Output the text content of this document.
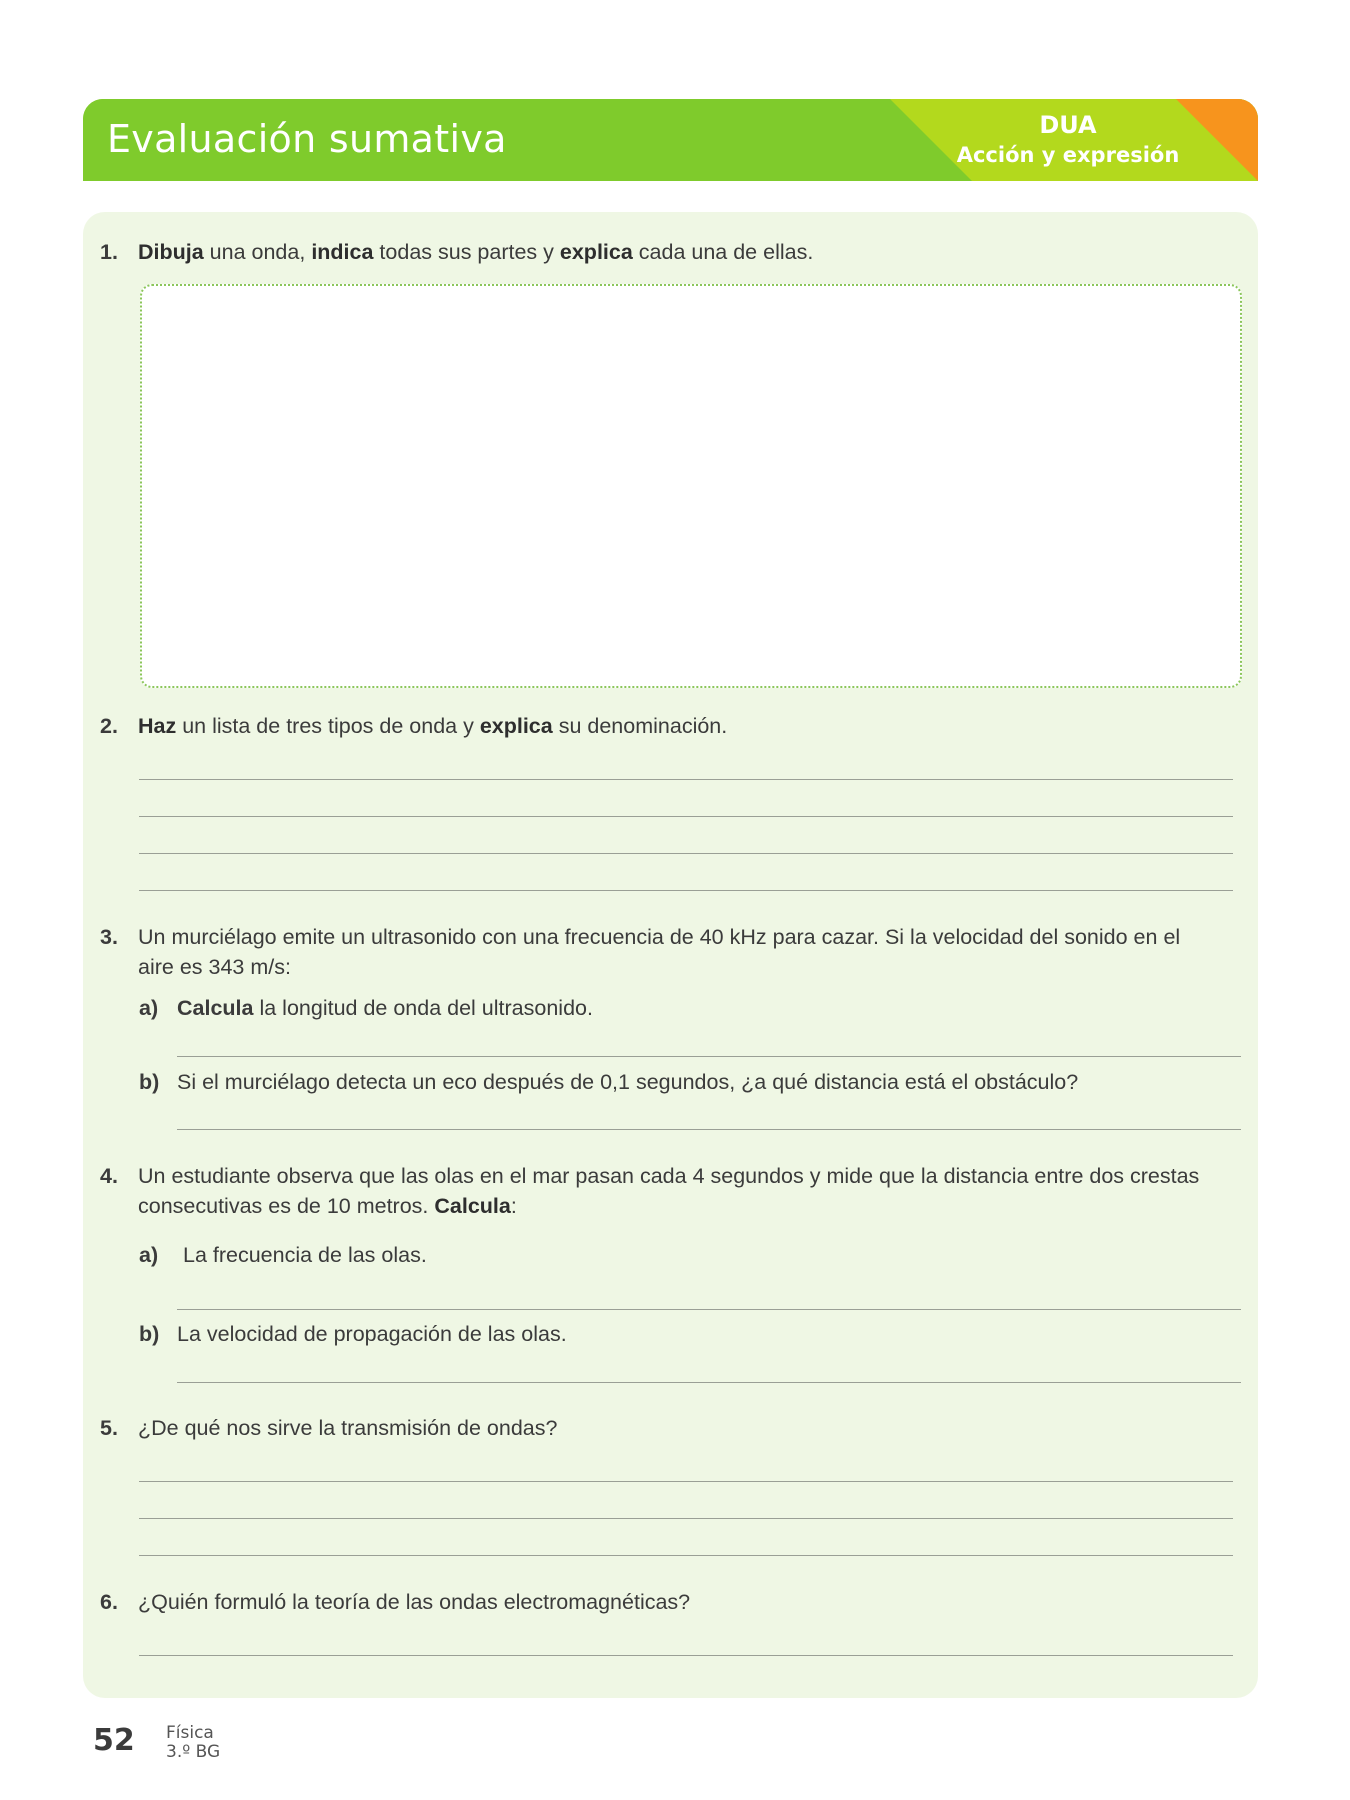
Evaluación sumativa	DUA
Acción y expresión
1. Dibuja una onda, indica todas sus partes y explica cada una de ellas.
2. Haz un lista de tres tipos de onda y explica su denominación.
3. Un murciélago emite un ultrasonido con una frecuencia de 40 kHz para cazar. Si la velocidad del sonido en el
aire es 343 m/s:
a) Calcula la longitud de onda del ultrasonido.
b) Si el murciélago detecta un eco después de 0,1 segundos, ¿a qué distancia está el obstáculo?
4. Un estudiante observa que las olas en el mar pasan cada 4 segundos y mide que la distancia entre dos crestas
consecutivas es de 10 metros. Calcula:
a) La frecuencia de las olas.
b) La velocidad de propagación de las olas.
5. ¿De qué nos sirve la transmisión de ondas?
6. ¿Quién formuló la teoría de las ondas electromagnéticas?
52 Física
3.º BG
